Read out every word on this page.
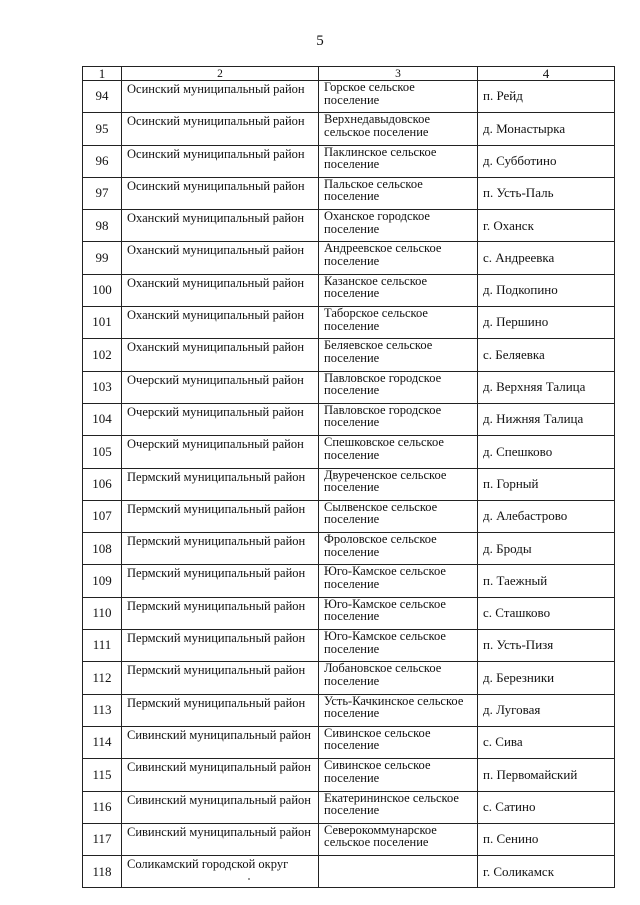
5
1	2	3	4
94	Осинский муниципальный район	Горское сельское поселение	п. Рейд
95	Осинский муниципальный район	Верхнедавыдовское сельское поселение	д. Монастырка
96	Осинский муниципальный район	Паклинское сельское поселение	д. Субботино
97	Осинский муниципальный район	Пальское сельское поселение	п. Усть-Паль
98	Оханский муниципальный район	Оханское городское поселение	г. Оханск
99	Оханский муниципальный район	Андреевское сельское поселение	с. Андреевка
100	Оханский муниципальный район	Казанское сельское поселение	д. Подкопино
101	Оханский муниципальный район	Таборское сельское поселение	д. Першино
102	Оханский муниципальный район	Беляевское сельское поселение	с. Беляевка
103	Очерский муниципальный район	Павловское городское поселение	д. Верхняя Талица
104	Очерский муниципальный район	Павловское городское поселение	д. Нижняя Талица
105	Очерский муниципальный район	Спешковское сельское поселение	д. Спешково
106	Пермский муниципальный район	Двуреченское сельское поселение	п. Горный
107	Пермский муниципальный район	Сылвенское сельское поселение	д. Алебастрово
108	Пермский муниципальный район	Фроловское сельское поселение	д. Броды
109	Пермский муниципальный район	Юго-Камское сельское поселение	п. Таежный
110	Пермский муниципальный район	Юго-Камское сельское поселение	с. Сташково
111	Пермский муниципальный район	Юго-Камское сельское поселение	п. Усть-Пизя
112	Пермский муниципальный район	Лобановское сельское поселение	д. Березники
113	Пермский муниципальный район	Усть-Качкинское сельское поселение	д. Луговая
114	Сивинский муниципальный район	Сивинское сельское поселение	с. Сива
115	Сивинский муниципальный район	Сивинское сельское поселение	п. Первомайский
116	Сивинский муниципальный район	Екатерининское сельское поселение	с. Сатино
117	Сивинский муниципальный район	Северокоммунарское сельское поселение	п. Сенино
118	Соликамский городской округ		г. Соликамск
